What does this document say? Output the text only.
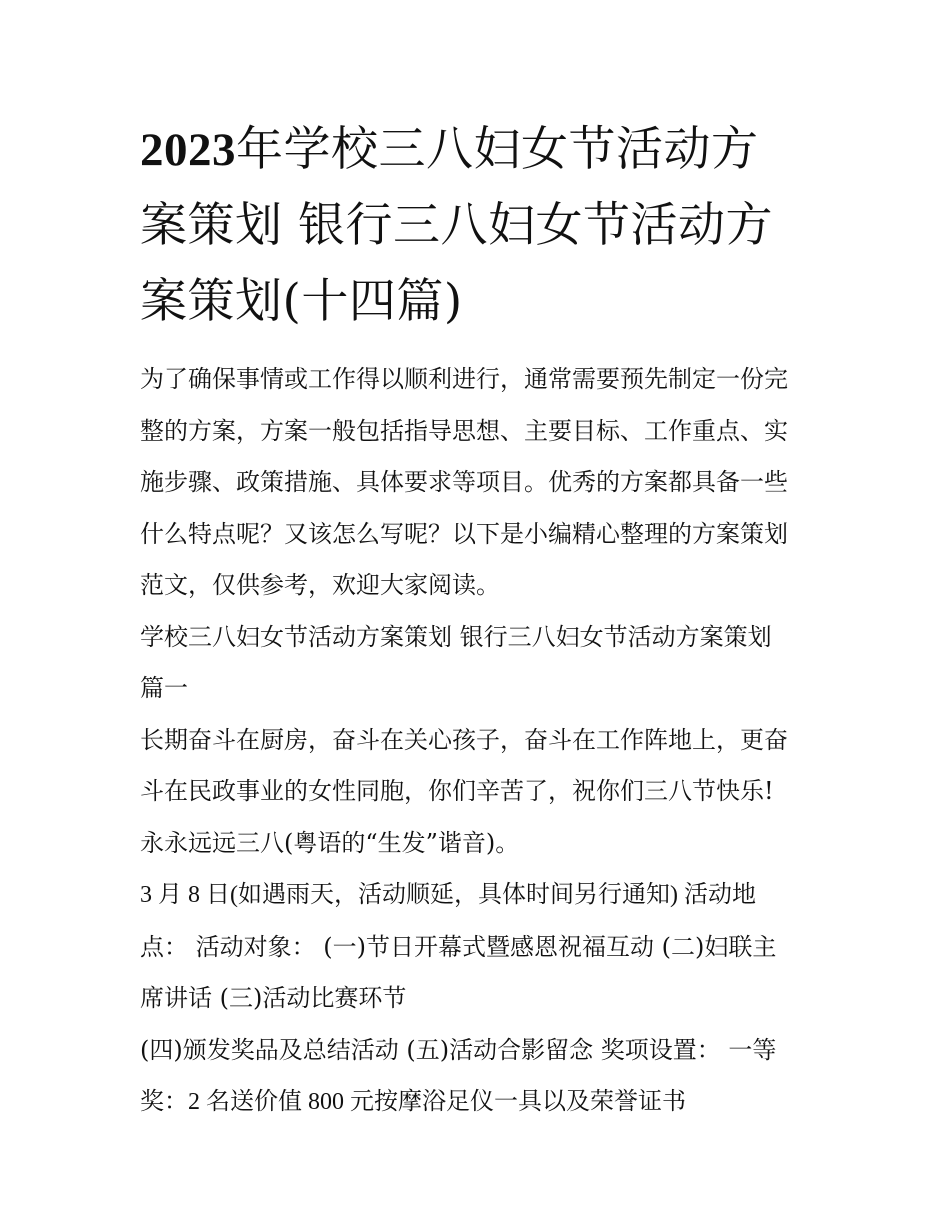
2023年学校三八妇女节活动方
案策划 银行三八妇女节活动方
案策划(十四篇)

为了确保事情或工作得以顺利进行，通常需要预先制定一份完
整的方案，方案一般包括指导思想、主要目标、工作重点、实
施步骤、政策措施、具体要求等项目。优秀的方案都具备一些
什么特点呢？又该怎么写呢？以下是小编精心整理的方案策划
范文，仅供参考，欢迎大家阅读。

学校三八妇女节活动方案策划 银行三八妇女节活动方案策划
篇一

长期奋斗在厨房，奋斗在关心孩子，奋斗在工作阵地上，更奋
斗在民政事业的女性同胞，你们辛苦了，祝你们三八节快乐!
永永远远三八(粤语的“生发”谐音)。

3 月 8 日(如遇雨天，活动顺延，具体时间另行通知) 活动地
点： 活动对象： (一)节日开幕式暨感恩祝福互动 (二)妇联主
席讲话 (三)活动比赛环节

(四)颁发奖品及总结活动 (五)活动合影留念 奖项设置： 一等
奖：2 名送价值 800 元按摩浴足仪一具以及荣誉证书
